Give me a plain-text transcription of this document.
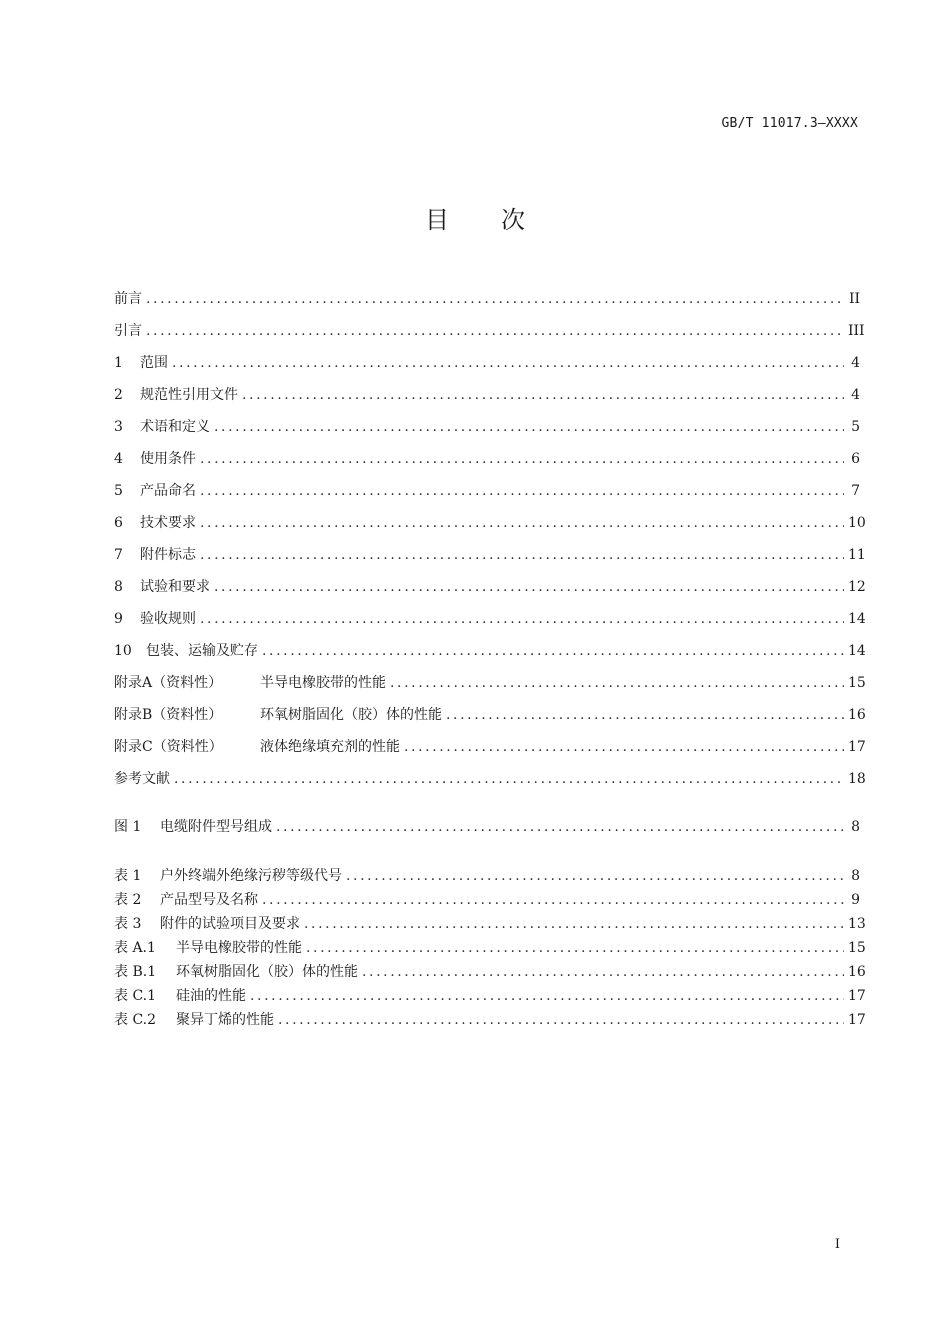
GB/T 11017.3—XXXX
目次
前言 .....	II
引言 .....	III
1	范围 .....	4
2	规范性引用文件 .....	4
3	术语和定义 .....	5
4	使用条件 .....	6
5	产品命名 .....	7
6	技术要求 .....	10
7	附件标志 .....	11
8	试验和要求 .....	12
9	验收规则 .....	14
10	包装、运输及贮存 .....	14
附录A（资料性）	半导电橡胶带的性能 .....	15
附录B（资料性）	环氧树脂固化（胶）体的性能 .....	16
附录C（资料性）	液体绝缘填充剂的性能 .....	17
参考文献 .....	18
图 1	电缆附件型号组成 .....	8
表 1	户外终端外绝缘污秽等级代号 .....	8
表 2	产品型号及名称 .....	9
表 3	附件的试验项目及要求 .....	13
表 A.1	半导电橡胶带的性能 .....	15
表 B.1	环氧树脂固化（胶）体的性能 .....	16
表 C.1	硅油的性能 .....	17
表 C.2	聚异丁烯的性能 .....	17
I
